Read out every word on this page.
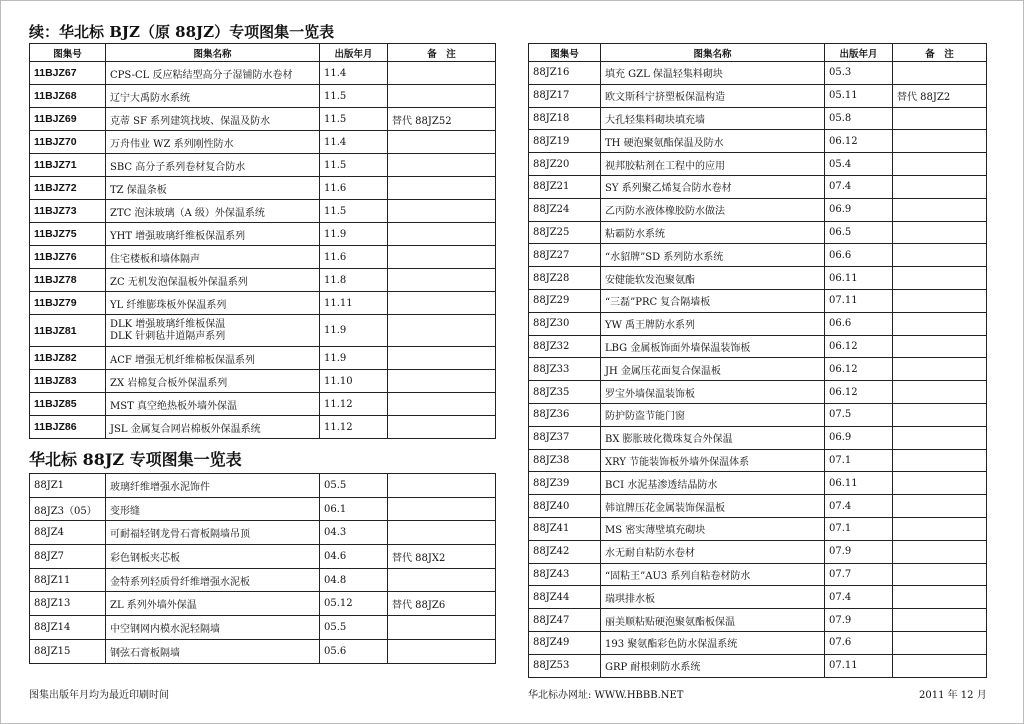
续：华北标 BJZ（原 88JZ）专项图集一览表
图集号	图集名称	出版年月	备　注
11BJZ67	CPS-CL 反应粘结型高分子湿铺防水卷材	11.4	
11BJZ68	辽宁大禹防水系统	11.5	
11BJZ69	克蒂 SF 系列建筑找坡、保温及防水	11.5	替代 88JZ52
11BJZ70	万舟伟业 WZ 系列刚性防水	11.4	
11BJZ71	SBC 高分子系列卷材复合防水	11.5	
11BJZ72	TZ 保温条板	11.6	
11BJZ73	ZTC 泡沫玻璃（A 级）外保温系统	11.5	
11BJZ75	YHT 增强玻璃纤维板保温系列	11.9	
11BJZ76	住宅楼板和墙体隔声	11.6	
11BJZ78	ZC 无机发泡保温板外保温系列	11.8	
11BJZ79	YL 纤维膨珠板外保温系列	11.11	
11BJZ81	DLK 增强玻璃纤维板保温
DLK 针刺毡井道隔声系列	11.9	
11BJZ82	ACF 增强无机纤维棉板保温系列	11.9	
11BJZ83	ZX 岩棉复合板外保温系列	11.10	
11BJZ85	MST 真空绝热板外墙外保温	11.12	
11BJZ86	JSL 金属复合网岩棉板外保温系统	11.12	
华北标 88JZ 专项图集一览表
88JZ1	玻璃纤维增强水泥饰件	05.5	
88JZ3（05）	变形缝	06.1	
88JZ4	可耐福轻钢龙骨石膏板隔墙吊顶	04.3	
88JZ7	彩色钢板夹芯板	04.6	替代 88JX2
88JZ11	金特系列轻质骨纤维增强水泥板	04.8	
88JZ13	ZL 系列外墙外保温	05.12	替代 88JZ6
88JZ14	中空钢网内模水泥轻隔墙	05.5	
88JZ15	钢弦石膏板隔墙	05.6	
图集号	图集名称	出版年月	备　注
88JZ16	填充 GZL 保温轻集料砌块	05.3	
88JZ17	欧文斯科宁挤塑板保温构造	05.11	替代 88JZ2
88JZ18	大孔轻集料砌块填充墙	05.8	
88JZ19	TH 硬泡聚氨酯保温及防水	06.12	
88JZ20	视邦胶粘剂在工程中的应用	05.4	
88JZ21	SY 系列聚乙烯复合防水卷材	07.4	
88JZ24	乙丙防水液体橡胶防水做法	06.9	
88JZ25	粘霸防水系统	06.5	
88JZ27	“水貂牌”SD 系列防水系统	06.6	
88JZ28	安健能软发泡聚氨酯	06.11	
88JZ29	“三磊”PRC 复合隔墙板	07.11	
88JZ30	YW 禹王牌防水系列	06.6	
88JZ32	LBG 金属板饰面外墙保温装饰板	06.12	
88JZ33	JH 金属压花面复合保温板	06.12	
88JZ35	罗宝外墙保温装饰板	06.12	
88JZ36	防护防盗节能门窗	07.5	
88JZ37	BX 膨胀玻化微珠复合外保温	06.9	
88JZ38	XRY 节能装饰板外墙外保温体系	07.1	
88JZ39	BCI 水泥基渗透结晶防水	06.11	
88JZ40	韩谊牌压花金属装饰保温板	07.4	
88JZ41	MS 密实薄壁填充砌块	07.1	
88JZ42	水无耐自粘防水卷材	07.9	
88JZ43	“固粘王”AU3 系列自粘卷材防水	07.7	
88JZ44	瑞琪排水板	07.4	
88JZ47	丽美顺粘贴硬泡聚氨酯板保温	07.9	
88JZ49	193 聚氨酯彩色防水保温系统	07.6	
88JZ53	GRP 耐根刺防水系统	07.11	
图集出版年月均为最近印刷时间	华北标办网址: WWW.HBBB.NET	2011 年 12 月
